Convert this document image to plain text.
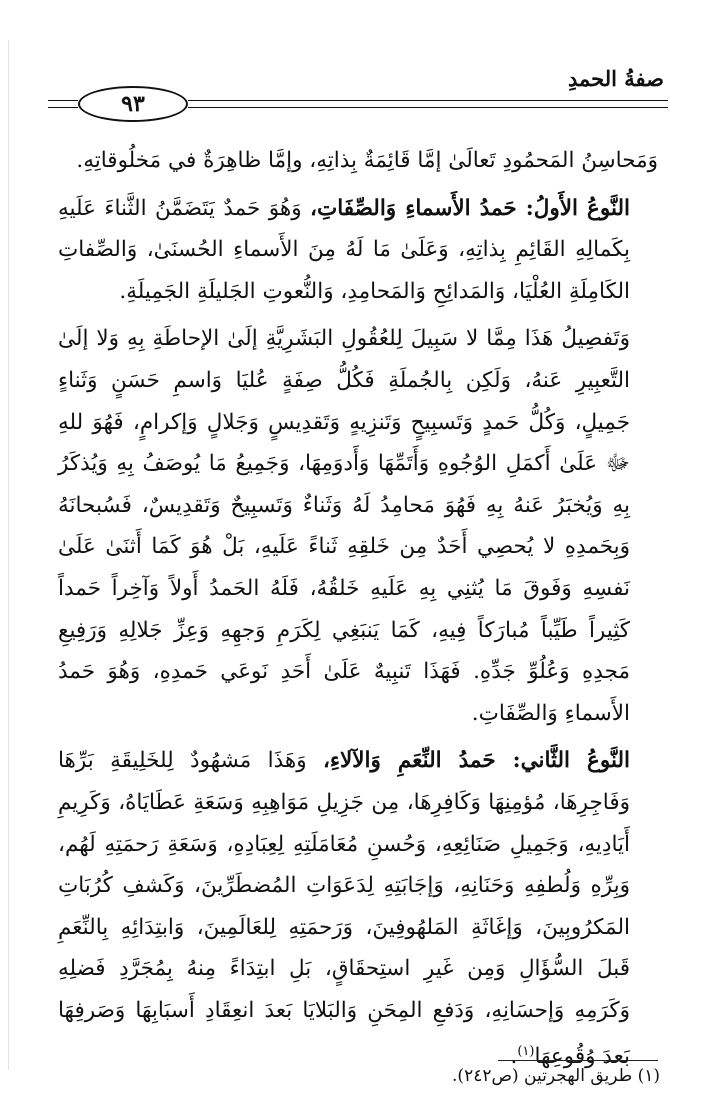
صفةُ الحمدِ
٩٣

وَمَحاسِنُ المَحمُودِ تَعالَىٰ إمَّا قَائِمَةٌ بِذاتِهِ، وإمَّا ظاهِرَةٌ في مَخلُوقاتِهِ.

النَّوعُ الأَولُ: حَمدُ الأَسماءِ وَالصِّفَاتِ، وَهُوَ حَمدٌ يَتَضَمَّنُ الثَّناءَ عَلَيهِ بِكَمالِهِ القَائِمِ بِذاتِهِ، وَعَلَىٰ مَا لَهُ مِنَ الأَسماءِ الحُسنَىٰ، وَالصِّفاتِ الكَامِلَةِ العُلْيَا، وَالمَدائِحِ وَالمَحامِدِ، وَالنُّعوتِ الجَليلَةِ الجَمِيلَةِ.

وَتَفصِيلُ هَذَا مِمَّا لا سَبِيلَ لِلعُقُولِ البَشَرِيَّةِ إلَىٰ الإحاطَةِ بِهِ وَلا إلَىٰ التَّعبِيرِ عَنهُ، وَلَكِن بِالجُملَةِ فَكُلُّ صِفَةٍ عُليَا وَاسمِ حَسَنٍ وَثَناءٍ جَمِيلٍ، وَكُلُّ حَمدٍ وَتَسبِيحٍ وَتَنزِيهٍ وَتَقدِيسٍ وَجَلالٍ وَإكرامٍ، فَهُوَ للهِ ﷻ عَلَىٰ أَكمَلِ الوُجُوهِ وَأَتَمِّهَا وَأَدوَمِهَا، وَجَمِيعُ مَا يُوصَفُ بِهِ وَيُذكَرُ بِهِ وَيُخبَرُ عَنهُ بِهِ فَهُوَ مَحامِدُ لَهُ وَثَناءٌ وَتَسبِيحٌ وَتَقدِيسٌ، فَسُبحانَهُ وَبِحَمدِهِ لا يُحصِي أَحَدٌ مِن خَلقِهِ ثَناءً عَلَيهِ، بَلْ هُوَ كَمَا أَثنَىٰ عَلَىٰ نَفسِهِ وَفَوقَ مَا يُثنِي بِهِ عَلَيهِ خَلقُهُ، فَلَهُ الحَمدُ أَولاً وَآخِراً حَمداً كَثِيراً طَيِّباً مُبارَكاً فِيهِ، كَمَا يَنبَغِي لِكَرَمِ وَجهِهِ وَعِزِّ جَلالِهِ وَرَفِيعِ مَجدِهِ وَعُلُوِّ جَدِّهِ. فَهَذَا تَنبِيهٌ عَلَىٰ أَحَدِ نَوعَي حَمدِهِ، وَهُوَ حَمدُ الأَسماءِ وَالصِّفَاتِ.

النَّوعُ الثَّاني: حَمدُ النِّعَمِ وَالآلاءِ، وَهَذَا مَشهُودٌ لِلخَلِيقَةِ بَرِّهَا وَفَاجِرِهَا، مُؤمِنِهَا وَكَافِرِهَا، مِن جَزِيلِ مَوَاهِبِهِ وَسَعَةِ عَطَايَاهُ، وَكَرِيمِ أَيَادِيهِ، وَجَمِيلِ صَنَائِعِهِ، وَحُسنِ مُعَامَلَتِهِ لِعِبَادِهِ، وَسَعَةِ رَحمَتِهِ لَهُم، وَبِرِّهِ وَلُطفِهِ وَحَنَانِهِ، وَإجَابَتِهِ لِدَعَوَاتِ المُضطَرِّينَ، وَكَشفِ كُرُبَاتِ المَكرُوبِينَ، وَإغَاثَةِ المَلهُوفِينَ، وَرَحمَتِهِ لِلعَالَمِينَ، وَابتِدَائِهِ بِالنِّعَمِ قَبلَ السُّؤَالِ وَمِن غَيرِ استِحقَاقٍ، بَلِ ابتِدَاءً مِنهُ بِمُجَرَّدِ فَضلِهِ وَكَرَمِهِ وَإحسَانِهِ، وَدَفعِ المِحَنِ وَالبَلايَا بَعدَ انعِقَادِ أَسبَابِهَا وَصَرفِهَا بَعدَ وُقُوعِهَا$^{(١)}$.

(١) طريق الهجرتين (ص٢٤٢).
